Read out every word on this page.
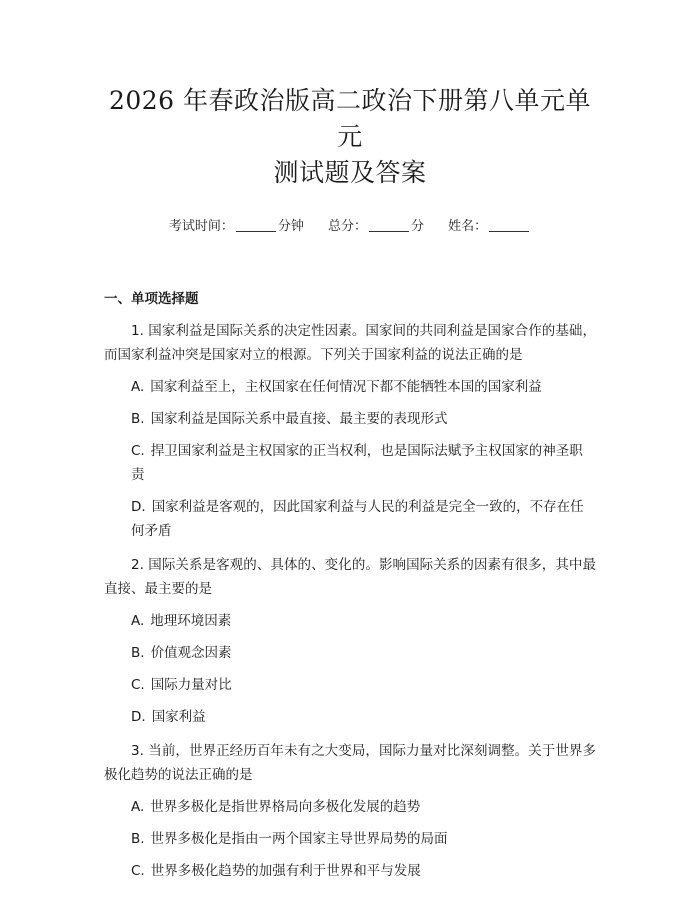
2026 年春政治版高二政治下册第八单元单元
测试题及答案
考试时间：	分钟 总分：	分 姓名：
一、单项选择题

1. 国家利益是国际关系的决定性因素。国家间的共同利益是国家合作的基础，而国家利益冲突是国家对立的根源。下列关于国家利益的说法正确的是

A. 国家利益至上，主权国家在任何情况下都不能牺牲本国的国家利益

B. 国家利益是国际关系中最直接、最主要的表现形式

C. 捍卫国家利益是主权国家的正当权利，也是国际法赋予主权国家的神圣职责

D. 国家利益是客观的，因此国家利益与人民的利益是完全一致的，不存在任何矛盾

2. 国际关系是客观的、具体的、变化的。影响国际关系的因素有很多，其中最直接、最主要的是

A. 地理环境因素

B. 价值观念因素

C. 国际力量对比

D. 国家利益

3. 当前，世界正经历百年未有之大变局，国际力量对比深刻调整。关于世界多极化趋势的说法正确的是

A. 世界多极化是指世界格局向多极化发展的趋势

B. 世界多极化是指由一两个国家主导世界局势的局面

C. 世界多极化趋势的加强有利于世界和平与发展
